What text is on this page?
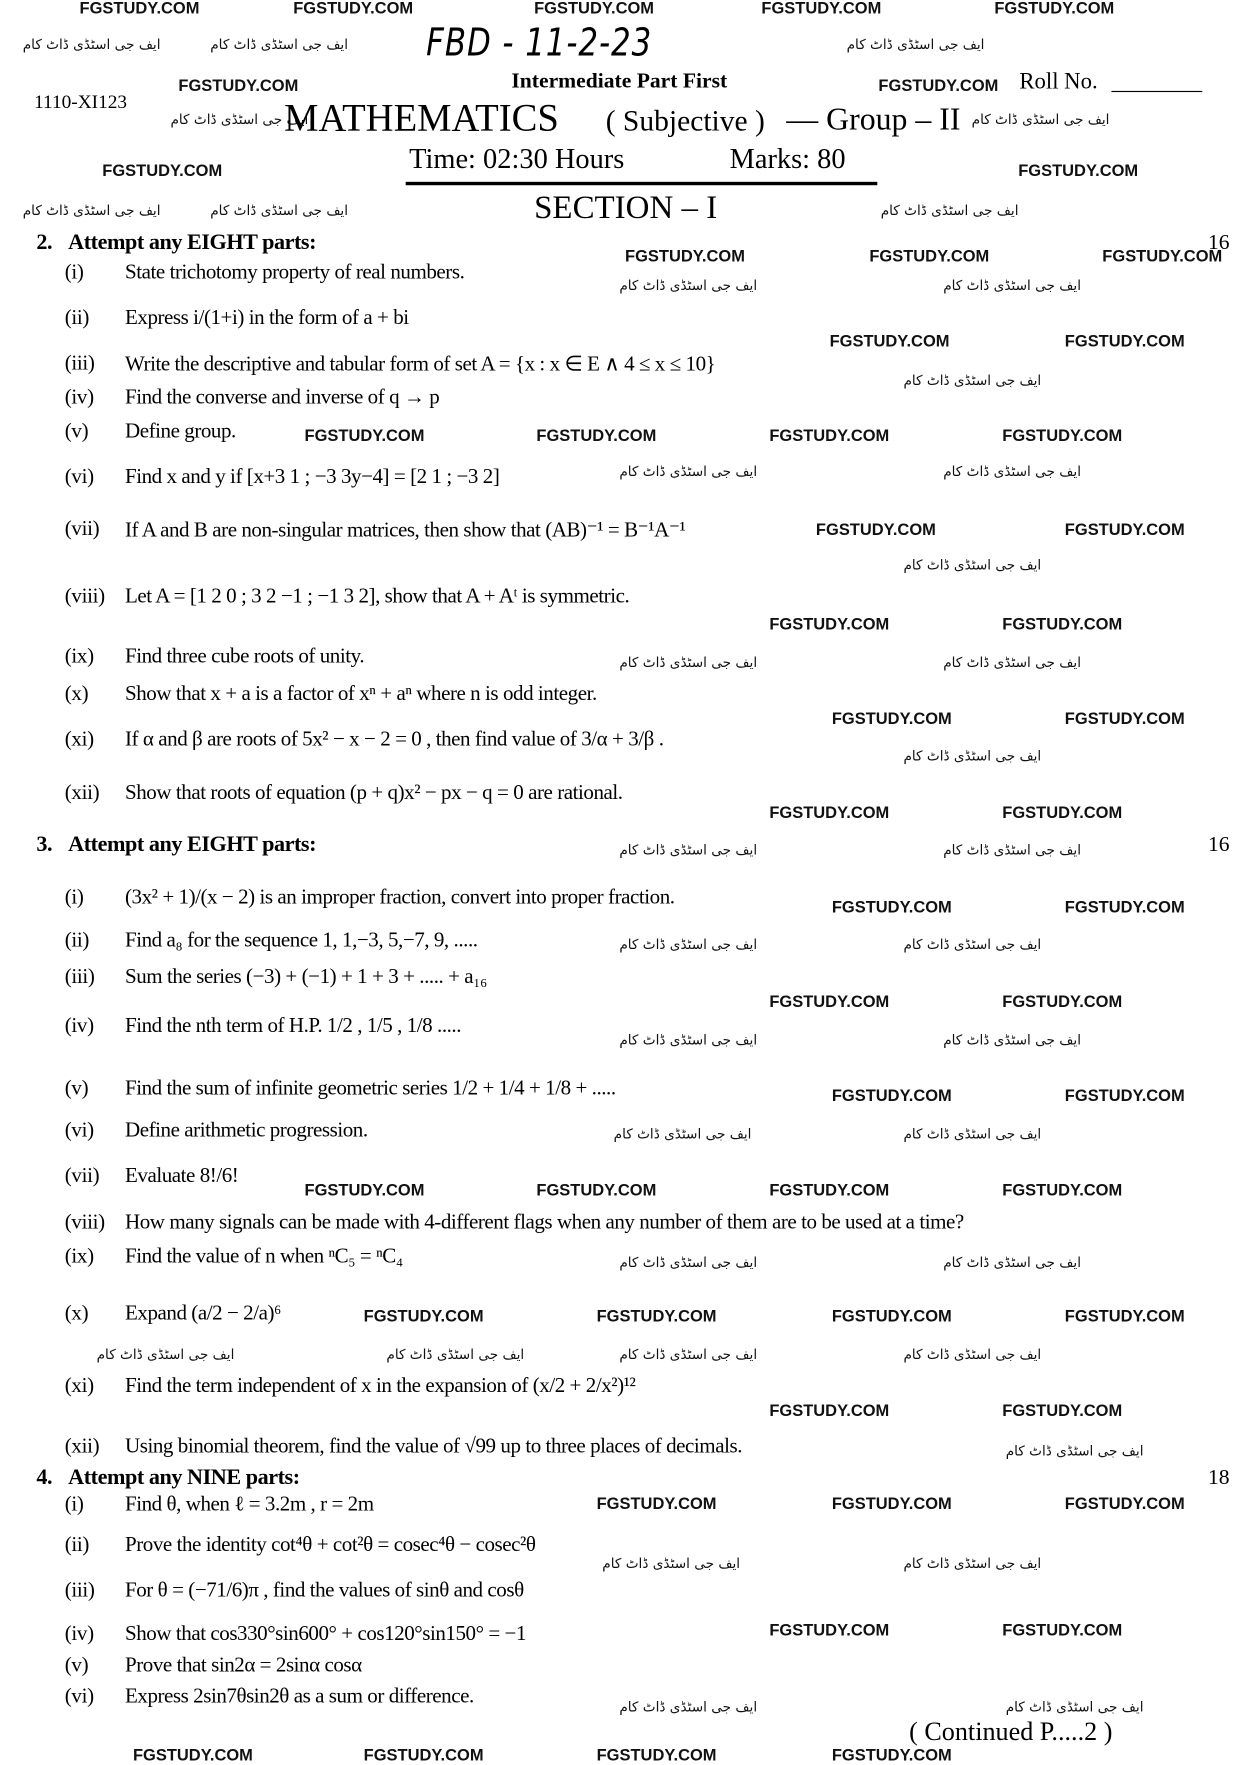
FGSTUDY.COM	FGSTUDY.COM	FGSTUDY.COM	FGSTUDY.COM	FGSTUDY.COM
FGSTUDY.COM	FGSTUDY.COM
FGSTUDY.COM	FGSTUDY.COM
FGSTUDY.COM	FGSTUDY.COM	FGSTUDY.COM
FGSTUDY.COM	FGSTUDY.COM
FGSTUDY.COM	FGSTUDY.COM	FGSTUDY.COM	FGSTUDY.COM
FGSTUDY.COM	FGSTUDY.COM
FGSTUDY.COM	FGSTUDY.COM
FGSTUDY.COM	FGSTUDY.COM
FGSTUDY.COM	FGSTUDY.COM
FGSTUDY.COM	FGSTUDY.COM
FGSTUDY.COM	FGSTUDY.COM
FGSTUDY.COM	FGSTUDY.COM
FGSTUDY.COM	FGSTUDY.COM	FGSTUDY.COM	FGSTUDY.COM
FGSTUDY.COM	FGSTUDY.COM	FGSTUDY.COM	FGSTUDY.COM
FGSTUDY.COM	FGSTUDY.COM
FGSTUDY.COM	FGSTUDY.COM	FGSTUDY.COM
FGSTUDY.COM	FGSTUDY.COM
FGSTUDY.COM	FGSTUDY.COM	FGSTUDY.COM	FGSTUDY.COM
ایف جی اسٹڈی ڈاٹ کام	ایف جی اسٹڈی ڈاٹ کام	ایف جی اسٹڈی ڈاٹ کام
ایف جی اسٹڈی ڈاٹ کام	ایف جی اسٹڈی ڈاٹ کام
ایف جی اسٹڈی ڈاٹ کام	ایف جی اسٹڈی ڈاٹ کام	ایف جی اسٹڈی ڈاٹ کام
ایف جی اسٹڈی ڈاٹ کام	ایف جی اسٹڈی ڈاٹ کام
ایف جی اسٹڈی ڈاٹ کام
ایف جی اسٹڈی ڈاٹ کام	ایف جی اسٹڈی ڈاٹ کام
ایف جی اسٹڈی ڈاٹ کام
ایف جی اسٹڈی ڈاٹ کام	ایف جی اسٹڈی ڈاٹ کام
ایف جی اسٹڈی ڈاٹ کام
ایف جی اسٹڈی ڈاٹ کام	ایف جی اسٹڈی ڈاٹ کام
ایف جی اسٹڈی ڈاٹ کام	ایف جی اسٹڈی ڈاٹ کام
ایف جی اسٹڈی ڈاٹ کام	ایف جی اسٹڈی ڈاٹ کام
ایف جی اسٹڈی ڈاٹ کام	ایف جی اسٹڈی ڈاٹ کام
ایف جی اسٹڈی ڈاٹ کام	ایف جی اسٹڈی ڈاٹ کام
ایف جی اسٹڈی ڈاٹ کام	ایف جی اسٹڈی ڈاٹ کام	ایف جی اسٹڈی ڈاٹ کام	ایف جی اسٹڈی ڈاٹ کام
ایف جی اسٹڈی ڈاٹ کام
ایف جی اسٹڈی ڈاٹ کام	ایف جی اسٹڈی ڈاٹ کام
ایف جی اسٹڈی ڈاٹ کام	ایف جی اسٹڈی ڈاٹ کام
FBD - 11-2-23
1110-XI123
Intermediate Part First	Roll No.
MATHEMATICS ( Subjective ) — Group – II
Time: 02:30 Hours	Marks: 80
SECTION – I
2. Attempt any EIGHT parts:	16
(i) State trichotomy property of real numbers.
(ii) Express i/(1+i) in the form of a + bi
(iii) Write the descriptive and tabular form of set A = {x : x ∈ E ∧ 4 ≤ x ≤ 10}
(iv) Find the converse and inverse of q → p
(v) Define group.
(vi) Find x and y if [x+3 1 ; −3 3y−4] = [2 1 ; −3 2]
(vii) If A and B are non-singular matrices, then show that (AB)⁻¹ = B⁻¹A⁻¹
(viii) Let A = [1 2 0 ; 3 2 −1 ; −1 3 2], show that A + Aᵗ is symmetric.
(ix) Find three cube roots of unity.
(x) Show that x + a is a factor of xⁿ + aⁿ where n is odd integer.
(xi) If α and β are roots of 5x² − x − 2 = 0 , then find value of 3/α + 3/β .
(xii) Show that roots of equation (p + q)x² − px − q = 0 are rational.
3. Attempt any EIGHT parts:	16
(i) (3x² + 1)/(x − 2) is an improper fraction, convert into proper fraction.
(ii) Find a₈ for the sequence 1, 1,−3, 5,−7, 9, .....
(iii) Sum the series (−3) + (−1) + 1 + 3 + ..... + a₁₆
(iv) Find the nth term of H.P. 1/2 , 1/5 , 1/8 .....
(v) Find the sum of infinite geometric series 1/2 + 1/4 + 1/8 + .....
(vi) Define arithmetic progression.
(vii) Evaluate 8!/6!
(viii) How many signals can be made with 4-different flags when any number of them are to be used at a time?
(ix) Find the value of n when ⁿC₅ = ⁿC₄
(x) Expand (a/2 − 2/a)⁶
(xi) Find the term independent of x in the expansion of (x/2 + 2/x²)¹²
(xii) Using binomial theorem, find the value of √99 up to three places of decimals.
4. Attempt any NINE parts:	18
(i) Find θ, when ℓ = 3.2m , r = 2m
(ii) Prove the identity cot⁴θ + cot²θ = cosec⁴θ − cosec²θ
(iii) For θ = (−71/6)π , find the values of sinθ and cosθ
(iv) Show that cos330°sin600° + cos120°sin150° = −1
(v) Prove that sin2α = 2sinα cosα
(vi) Express 2sin7θsin2θ as a sum or difference.
( Continued P.....2 )
